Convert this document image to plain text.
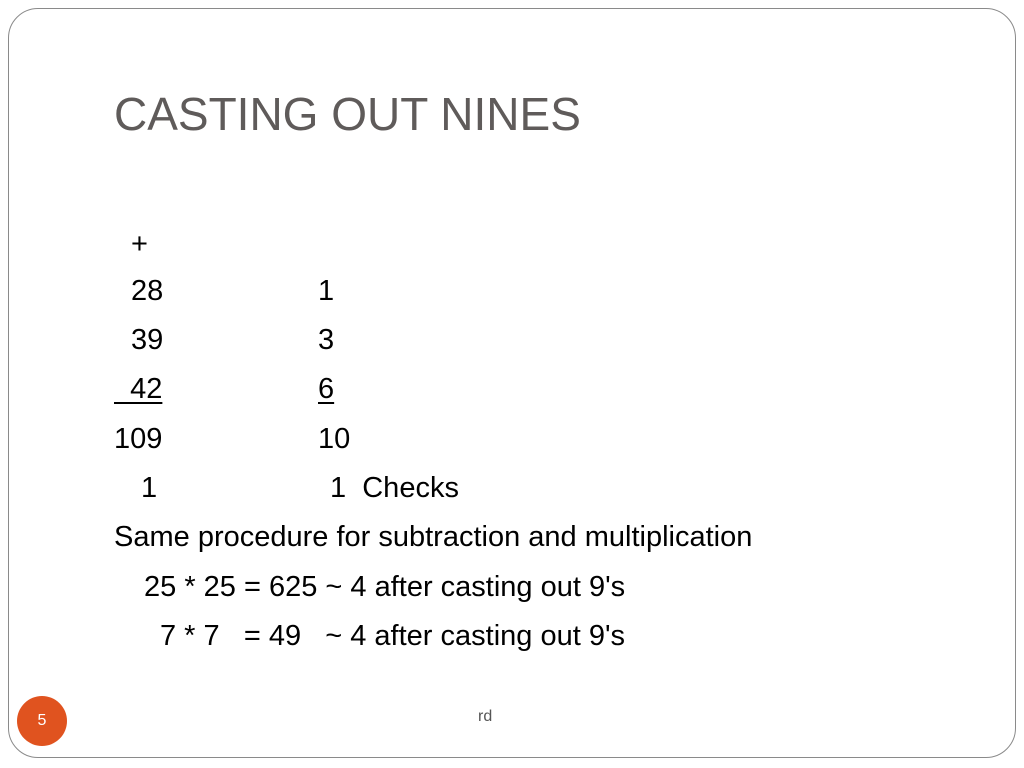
CASTING OUT NINES
+
28	1
39	3
42	6
109	10
1	1  Checks
Same procedure for subtraction and multiplication
25 * 25 = 625 ~ 4 after casting out 9's
7 * 7   = 49   ~ 4 after casting out 9's
5	rd
